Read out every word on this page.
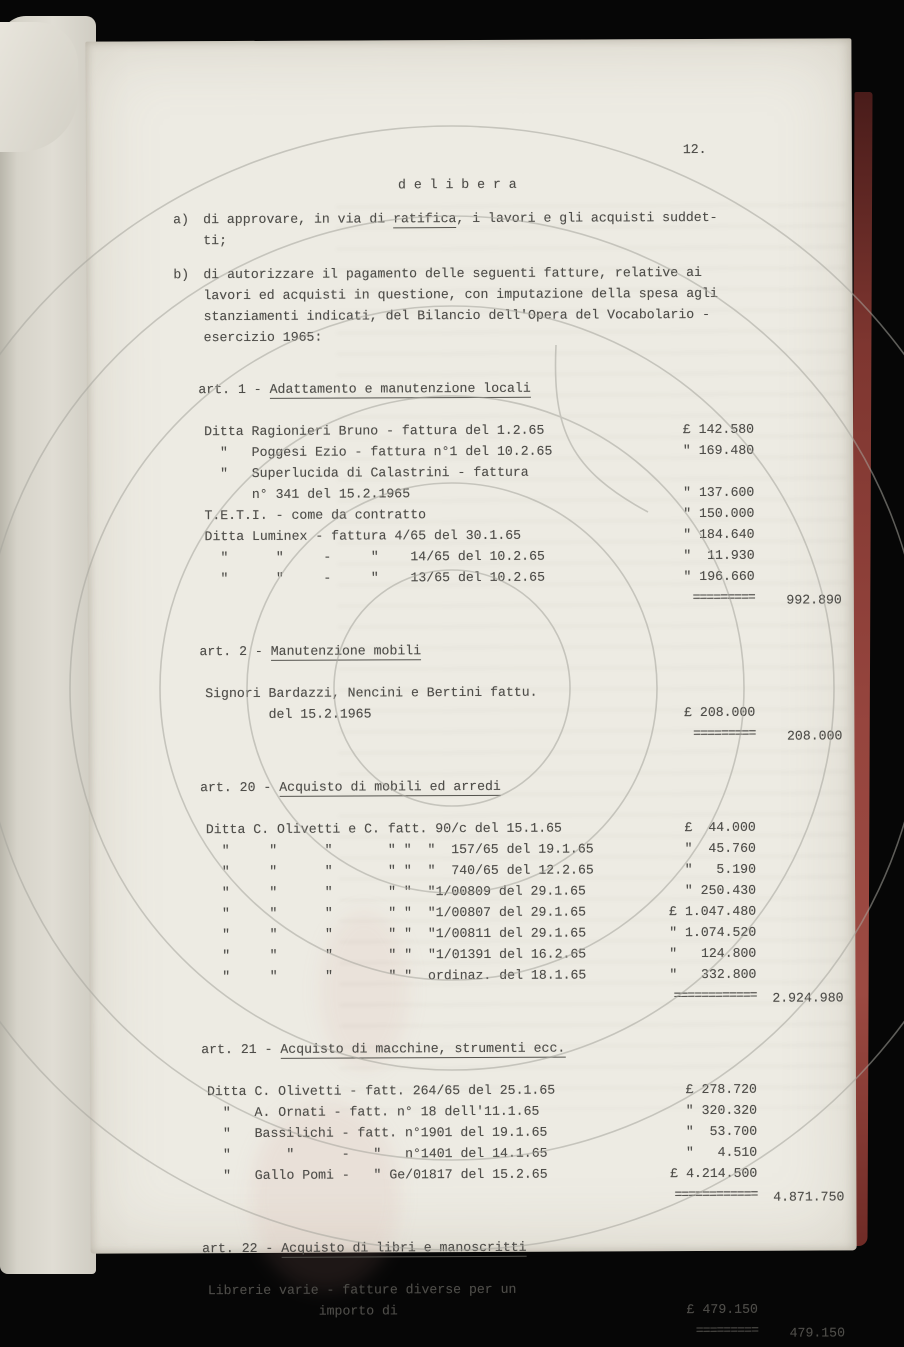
12.
d e l i b e r a
a)	di approvare, in via di ratifica, i lavori e gli acquisti suddet-
ti;
b)	di autorizzare il pagamento delle seguenti fatture, relative ai
lavori ed acquisti in questione, con imputazione della spesa agli
stanziamenti indicati, del Bilancio dell'Opera del Vocabolario -
esercizio 1965:

art. 1 - Adattamento e manutenzione locali

Ditta Ragionieri Bruno - fattura del 1.2.65	£ 142.580
"   Poggesi Ezio - fattura n°1 del 10.2.65	" 169.480
"   Superlucida di Calastrini - fattura
n° 341 del 15.2.1965	" 137.600
T.E.T.I. - come da contratto	" 150.000
Ditta Luminex - fattura 4/65 del 30.1.65	" 184.640
"      "     -     "    14/65 del 10.2.65	"  11.930
"      "     -     "    13/65 del 10.2.65	" 196.660
=========	992.890

art. 2 - Manutenzione mobili

Signori Bardazzi, Nencini e Bertini fattu.
del 15.2.1965	£ 208.000
=========	208.000

art. 20 - Acquisto di mobili ed arredi

Ditta C. Olivetti e C. fatt. 90/c del 15.1.65	£  44.000
"     "      "       " "  "  157/65 del 19.1.65	"  45.760
"     "      "       " "  "  740/65 del 12.2.65	"   5.190
"     "      "       " "  "1/00809 del 29.1.65	" 250.430
"     "      "       " "  "1/00807 del 29.1.65	£ 1.047.480
"     "      "       " "  "1/00811 del 29.1.65	" 1.074.520
"     "      "       " "  "1/01391 del 16.2.65	"   124.800
"     "      "       " "  ordinaz. del 18.1.65	"   332.800
============	2.924.980

art. 21 - Acquisto di macchine, strumenti ecc.

Ditta C. Olivetti - fatt. 264/65 del 25.1.65	£ 278.720
"   A. Ornati - fatt. n° 18 dell'11.1.65	" 320.320
"   Bassilichi - fatt. n°1901 del 19.1.65	"  53.700
"       "      -   "   n°1401 del 14.1.65	"   4.510
"   Gallo Pomi -   " Ge/01817 del 15.2.65	£ 4.214.500
============	4.871.750

art. 22 - Acquisto di libri e manoscritti

Librerie varie - fatture diverse per un
importo di	£ 479.150
=========	479.150
